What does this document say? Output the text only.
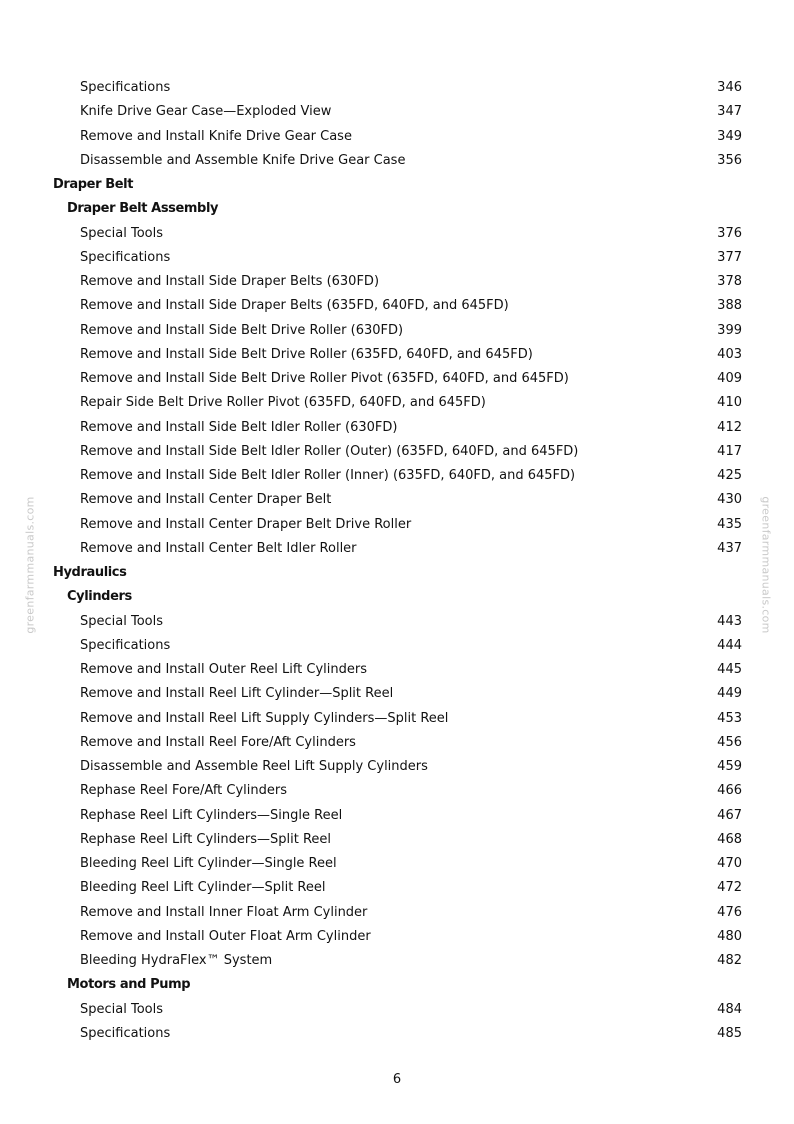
greenfarmmanuals.com	greenfarmmanuals.com
Specifications	346
Knife Drive Gear Case—Exploded View	347
Remove and Install Knife Drive Gear Case	349
Disassemble and Assemble Knife Drive Gear Case	356
Draper Belt
Draper Belt Assembly
Special Tools	376
Specifications	377
Remove and Install Side Draper Belts (630FD)	378
Remove and Install Side Draper Belts (635FD, 640FD, and 645FD)	388
Remove and Install Side Belt Drive Roller (630FD)	399
Remove and Install Side Belt Drive Roller (635FD, 640FD, and 645FD)	403
Remove and Install Side Belt Drive Roller Pivot (635FD, 640FD, and 645FD)	409
Repair Side Belt Drive Roller Pivot (635FD, 640FD, and 645FD)	410
Remove and Install Side Belt Idler Roller (630FD)	412
Remove and Install Side Belt Idler Roller (Outer) (635FD, 640FD, and 645FD)	417
Remove and Install Side Belt Idler Roller (Inner) (635FD, 640FD, and 645FD)	425
Remove and Install Center Draper Belt	430
Remove and Install Center Draper Belt Drive Roller	435
Remove and Install Center Belt Idler Roller	437
Hydraulics
Cylinders
Special Tools	443
Specifications	444
Remove and Install Outer Reel Lift Cylinders	445
Remove and Install Reel Lift Cylinder—Split Reel	449
Remove and Install Reel Lift Supply Cylinders—Split Reel	453
Remove and Install Reel Fore/Aft Cylinders	456
Disassemble and Assemble Reel Lift Supply Cylinders	459
Rephase Reel Fore/Aft Cylinders	466
Rephase Reel Lift Cylinders—Single Reel	467
Rephase Reel Lift Cylinders—Split Reel	468
Bleeding Reel Lift Cylinder—Single Reel	470
Bleeding Reel Lift Cylinder—Split Reel	472
Remove and Install Inner Float Arm Cylinder	476
Remove and Install Outer Float Arm Cylinder	480
Bleeding HydraFlex™ System	482
Motors and Pump
Special Tools	484
Specifications	485
6
